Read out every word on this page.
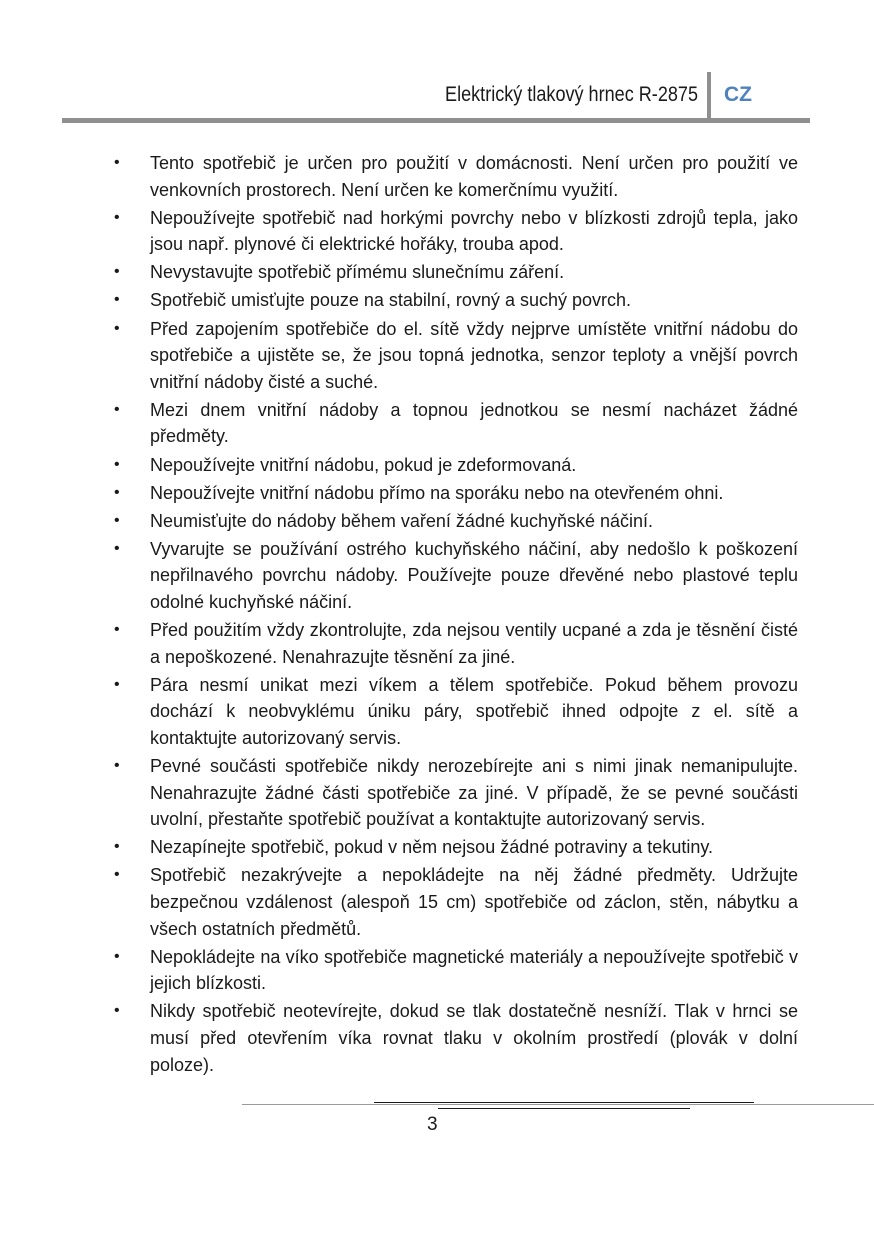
Elektrický tlakový hrnec R-2875 CZ
• Tento spotřebič je určen pro použití v domácnosti. Není určen pro použití ve venkovních prostorech. Není určen ke komerčnímu využití.
• Nepoužívejte spotřebič nad horkými povrchy nebo v blízkosti zdrojů tepla, jako jsou např. plynové či elektrické hořáky, trouba apod.
• Nevystavujte spotřebič přímému slunečnímu záření.
• Spotřebič umisťujte pouze na stabilní, rovný a suchý povrch.
• Před zapojením spotřebiče do el. sítě vždy nejprve umístěte vnitřní nádobu do spotřebiče a ujistěte se, že jsou topná jednotka, senzor teploty a vnější povrch vnitřní nádoby čisté a suché.
• Mezi dnem vnitřní nádoby a topnou jednotkou se nesmí nacházet žádné předměty.
• Nepoužívejte vnitřní nádobu, pokud je zdeformovaná.
• Nepoužívejte vnitřní nádobu přímo na sporáku nebo na otevřeném ohni.
• Neumisťujte do nádoby během vaření žádné kuchyňské náčiní.
• Vyvarujte se používání ostrého kuchyňského náčiní, aby nedošlo k poškození nepřilnavého povrchu nádoby. Používejte pouze dřevěné nebo plastové teplu odolné kuchyňské náčiní.
• Před použitím vždy zkontrolujte, zda nejsou ventily ucpané a zda je těsnění čisté a nepoškozené. Nenahrazujte těsnění za jiné.
• Pára nesmí unikat mezi víkem a tělem spotřebiče. Pokud během provozu dochází k neobvyklému úniku páry, spotřebič ihned odpojte z el. sítě a kontaktujte autorizovaný servis.
• Pevné součásti spotřebiče nikdy nerozebírejte ani s nimi jinak nemanipulujte. Nenahrazujte žádné části spotřebiče za jiné. V případě, že se pevné součásti uvolní, přestaňte spotřebič používat a kontaktujte autorizovaný servis.
• Nezapínejte spotřebič, pokud v něm nejsou žádné potraviny a tekutiny.
• Spotřebič nezakrývejte a nepokládejte na něj žádné předměty. Udržujte bezpečnou vzdálenost (alespoň 15 cm) spotřebiče od záclon, stěn, nábytku a všech ostatních předmětů.
• Nepokládejte na víko spotřebiče magnetické materiály a nepoužívejte spotřebič v jejich blízkosti.
• Nikdy spotřebič neotevírejte, dokud se tlak dostatečně nesníží. Tlak v hrnci se musí před otevřením víka rovnat tlaku v okolním prostředí (plovák v dolní poloze).
3
